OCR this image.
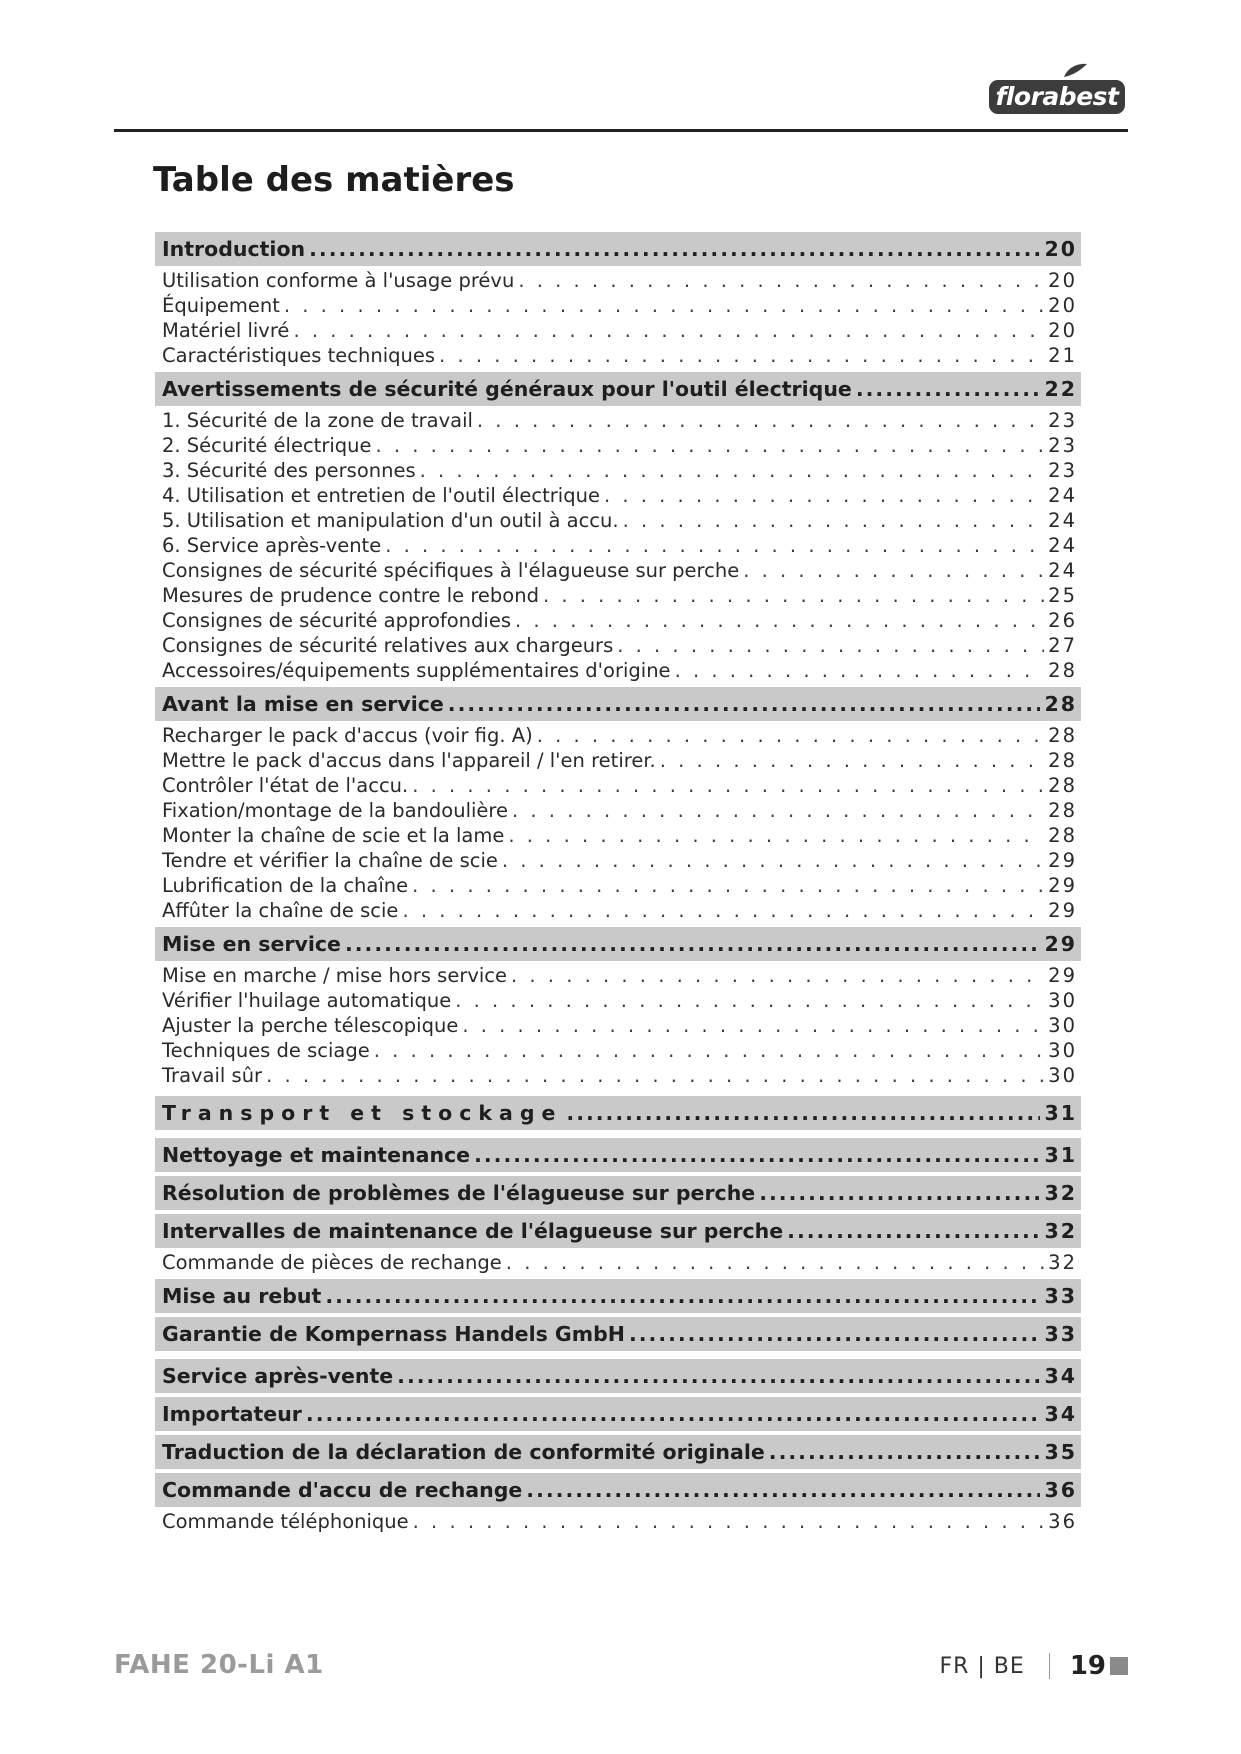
florabest
Table des matières
Introduction .....	20
Utilisation conforme à l'usage prévu . . .	20
Équipement . . .	20
Matériel livré . . .	20
Caractéristiques techniques . . .	21
Avertissements de sécurité généraux pour l'outil électrique .....	22
1. Sécurité de la zone de travail . . .	23
2. Sécurité électrique . . .	23
3. Sécurité des personnes . . .	23
4. Utilisation et entretien de l'outil électrique . . .	24
5. Utilisation et manipulation d'un outil à accu. . . .	24
6. Service après-vente . . .	24
Consignes de sécurité spécifiques à l'élagueuse sur perche . . .	24
Mesures de prudence contre le rebond . . .	25
Consignes de sécurité approfondies . . .	26
Consignes de sécurité relatives aux chargeurs . . .	27
Accessoires/équipements supplémentaires d'origine . . .	28
Avant la mise en service .....	28
Recharger le pack d'accus (voir fig. A) . . .	28
Mettre le pack d'accus dans l'appareil / l'en retirer. . . .	28
Contrôler l'état de l'accu. . . .	28
Fixation/montage de la bandoulière . . .	28
Monter la chaîne de scie et la lame . . .	28
Tendre et vérifier la chaîne de scie . . .	29
Lubrification de la chaîne . . .	29
Affûter la chaîne de scie . . .	29
Mise en service .....	29
Mise en marche / mise hors service . . .	29
Vérifier l'huilage automatique . . .	30
Ajuster la perche télescopique . . .	30
Techniques de sciage . . .	30
Travail sûr . . .	30
Transport et stockage .....	31
Nettoyage et maintenance .....	31
Résolution de problèmes de l'élagueuse sur perche .....	32
Intervalles de maintenance de l'élagueuse sur perche .....	32
Commande de pièces de rechange . . .	32
Mise au rebut .....	33
Garantie de Kompernass Handels GmbH .....	33
Service après-vente .....	34
Importateur .....	34
Traduction de la déclaration de conformité originale .....	35
Commande d'accu de rechange .....	36
Commande téléphonique . . .	36
FAHE 20-Li A1	FR | BE 19
